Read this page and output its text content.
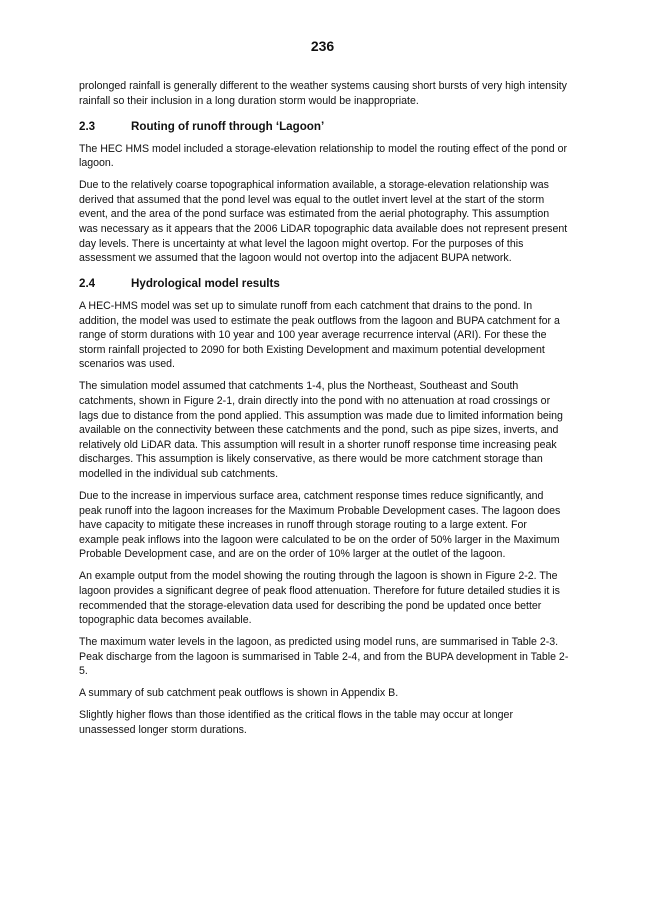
236

prolonged rainfall is generally different to the weather systems causing short bursts of very high intensity rainfall so their inclusion in a long duration storm would be inappropriate.

2.3	Routing of runoff through ‘Lagoon’

The HEC HMS model included a storage-elevation relationship to model the routing effect of the pond or lagoon.

Due to the relatively coarse topographical information available, a storage-elevation relationship was derived that assumed that the pond level was equal to the outlet invert level at the start of the storm event, and the area of the pond surface was estimated from the aerial photography. This assumption was necessary as it appears that the 2006 LiDAR topographic data available does not represent present day levels. There is uncertainty at what level the lagoon might overtop. For the purposes of this assessment we assumed that the lagoon would not overtop into the adjacent BUPA network.

2.4	Hydrological model results

A HEC-HMS model was set up to simulate runoff from each catchment that drains to the pond. In addition, the model was used to estimate the peak outflows from the lagoon and BUPA catchment for a range of storm durations with 10 year and 100 year average recurrence interval (ARI). For these the storm rainfall projected to 2090 for both Existing Development and maximum potential development scenarios was used.

The simulation model assumed that catchments 1-4, plus the Northeast, Southeast and South catchments, shown in Figure 2-1, drain directly into the pond with no attenuation at road crossings or lags due to distance from the pond applied. This assumption was made due to limited information being available on the connectivity between these catchments and the pond, such as pipe sizes, inverts, and relatively old LiDAR data. This assumption will result in a shorter runoff response time increasing peak discharges. This assumption is likely conservative, as there would be more catchment storage than modelled in the individual sub catchments.

Due to the increase in impervious surface area, catchment response times reduce significantly, and peak runoff into the lagoon increases for the Maximum Probable Development cases. The lagoon does have capacity to mitigate these increases in runoff through storage routing to a large extent. For example peak inflows into the lagoon were calculated to be on the order of 50% larger in the Maximum Probable Development case, and are on the order of 10% larger at the outlet of the lagoon.

An example output from the model showing the routing through the lagoon is shown in Figure 2-2. The lagoon provides a significant degree of peak flood attenuation. Therefore for future detailed studies it is recommended that the storage-elevation data used for describing the pond be updated once better topographic data becomes available.

The maximum water levels in the lagoon, as predicted using model runs, are summarised in Table 2-3. Peak discharge from the lagoon is summarised in Table 2-4, and from the BUPA development in Table 2-5.

A summary of sub catchment peak outflows is shown in Appendix B.

Slightly higher flows than those identified as the critical flows in the table may occur at longer unassessed longer storm durations.
